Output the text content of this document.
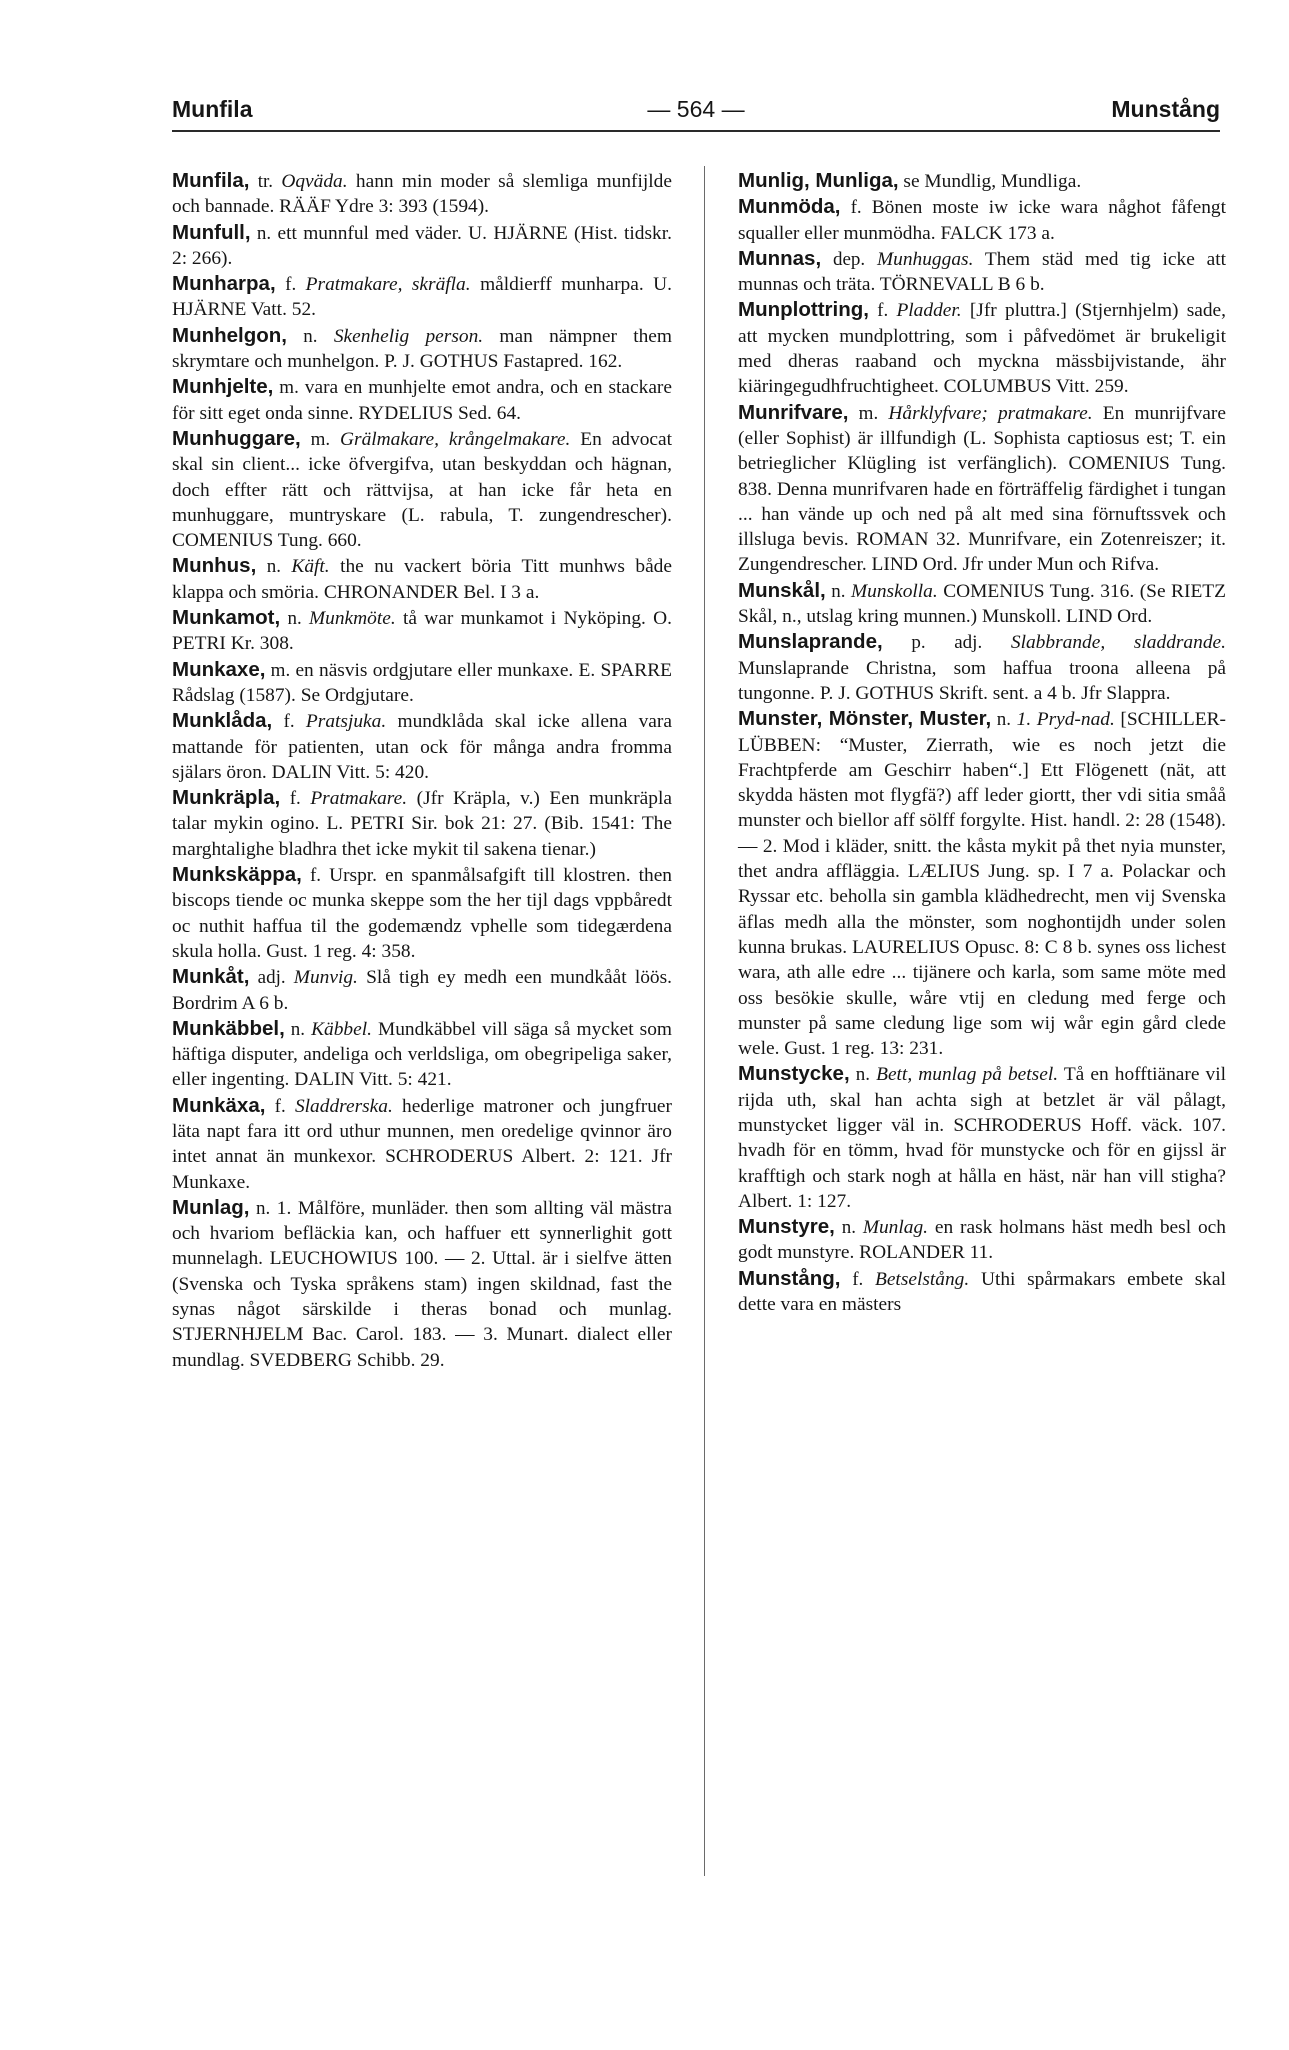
Munfila	— 564 —	Munstång

Munfila, tr. Oqväda. hann min moder så slemliga munfijlde och bannade. RÄÄF Ydre 3: 393 (1594).

Munfull, n. ett munnful med väder. U. HJÄRNE (Hist. tidskr. 2: 266).

Munharpa, f. Pratmakare, skräfla. måldierff munharpa. U. HJÄRNE Vatt. 52.

Munhelgon, n. Skenhelig person. man nämpner them skrymtare och munhelgon. P. J. GOTHUS Fastapred. 162.

Munhjelte, m. vara en munhjelte emot andra, och en stackare för sitt eget onda sinne. RYDELIUS Sed. 64.

Munhuggare, m. Grälmakare, krångelmakare. En advocat skal sin client... icke öfvergifva, utan beskyddan och hägnan, doch effter rätt och rättvijsa, at han icke får heta en munhuggare, muntryskare (L. rabula, T. zungendrescher). COMENIUS Tung. 660.

Munhus, n. Käft. the nu vackert böria Titt munhws både klappa och smöria. CHRONANDER Bel. I 3 a.

Munkamot, n. Munkmöte. tå war munkamot i Nyköping. O. PETRI Kr. 308.

Munkaxe, m. en näsvis ordgjutare eller munkaxe. E. SPARRE Rådslag (1587). Se Ordgjutare.

Munklåda, f. Pratsjuka. mundklåda skal icke allena vara mattande för patienten, utan ock för många andra fromma själars öron. DALIN Vitt. 5: 420.

Munkräpla, f. Pratmakare. (Jfr Kräpla, v.) Een munkräpla talar mykin ogino. L. PETRI Sir. bok 21: 27. (Bib. 1541: The marghtalighe bladhra thet icke mykit til sakena tienar.)

Munkskäppa, f. Urspr. en spanmålsafgift till klostren. then biscops tiende oc munka skeppe som the her tijl dags vppbåredt oc nuthit haffua til the godemændz vphelle som tidegærdena skula holla. Gust. 1 reg. 4: 358.

Munkåt, adj. Munvig. Slå tigh ey medh een mundkååt löös. Bordrim A 6 b.

Munkäbbel, n. Käbbel. Mundkäbbel vill säga så mycket som häftiga disputer, andeliga och verldsliga, om obegripeliga saker, eller ingenting. DALIN Vitt. 5: 421.

Munkäxa, f. Sladdrerska. hederlige matroner och jungfruer läta napt fara itt ord uthur munnen, men oredelige qvinnor äro intet annat än munkexor. SCHRODERUS Albert. 2: 121. Jfr Munkaxe.

Munlag, n. 1. Målföre, munläder. then som allting väl mästra och hvariom befläckia kan, och haffuer ett synnerlighit gott munnelagh. LEUCHOWIUS 100. — 2. Uttal. är i sielfve ätten (Svenska och Tyska språkens stam) ingen skildnad, fast the synas något särskilde i theras bonad och munlag. STJERNHJELM Bac. Carol. 183. — 3. Munart. dialect eller mundlag. SVEDBERG Schibb. 29.

Munlig, Munliga, se Mundlig, Mundliga.

Munmöda, f. Bönen moste iw icke wara någhot fåfengt squaller eller munmödha. FALCK 173 a.

Munnas, dep. Munhuggas. Them städ med tig icke att munnas och träta. TÖRNEVALL B 6 b.

Munplottring, f. Pladder. [Jfr pluttra.] (Stjernhjelm) sade, att mycken mundplottring, som i påfvedömet är brukeligit med dheras raaband och myckna mässbijvistande, ähr kiäringegudhfruchtigheet. COLUMBUS Vitt. 259.

Munrifvare, m. Hårklyfvare; pratmakare. En munrijfvare (eller Sophist) är illfundigh (L. Sophista captiosus est; T. ein betrieglicher Klügling ist verfänglich). COMENIUS Tung. 838. Denna munrifvaren hade en förträffelig färdighet i tungan ... han vände up och ned på alt med sina förnuftssvek och illsluga bevis. ROMAN 32. Munrifvare, ein Zotenreiszer; it. Zungendrescher. LIND Ord. Jfr under Mun och Rifva.

Munskål, n. Munskolla. COMENIUS Tung. 316. (Se RIETZ Skål, n., utslag kring munnen.) Munskoll. LIND Ord.

Munslaprande, p. adj. Slabbrande, sladdrande. Munslaprande Christna, som haffua troona alleena på tungonne. P. J. GOTHUS Skrift. sent. a 4 b. Jfr Slappra.

Munster, Mönster, Muster, n. 1. Pryd-nad. [SCHILLER-LÜBBEN: “Muster, Zierrath, wie es noch jetzt die Frachtpferde am Geschirr haben“.] Ett Flögenett (nät, att skydda hästen mot flygfä?) aff leder giortt, ther vdi sitia småå munster och biellor aff sölff forgylte. Hist. handl. 2: 28 (1548). — 2. Mod i kläder, snitt. the kåsta mykit på thet nyia munster, thet andra affläggia. LÆLIUS Jung. sp. I 7 a. Polackar och Ryssar etc. beholla sin gambla klädhedrecht, men vij Svenska äflas medh alla the mönster, som noghontijdh under solen kunna brukas. LAURELIUS Opusc. 8: C 8 b. synes oss lichest wara, ath alle edre ... tijänere och karla, som same möte med oss besökie skulle, wåre vtij en cledung med ferge och munster på same cledung lige som wij wår egin gård clede wele. Gust. 1 reg. 13: 231.

Munstycke, n. Bett, munlag på betsel. Tå en hofftiänare vil rijda uth, skal han achta sigh at betzlet är väl pålagt, munstycket ligger väl in. SCHRODERUS Hoff. väck. 107. hvadh för en tömm, hvad för munstycke och för en gijssl är krafftigh och stark nogh at hålla en häst, när han vill stigha? Albert. 1: 127.

Munstyre, n. Munlag. en rask holmans häst medh besl och godt munstyre. ROLANDER 11.

Munstång, f. Betselstång. Uthi spårmakars embete skal dette vara en mästers
